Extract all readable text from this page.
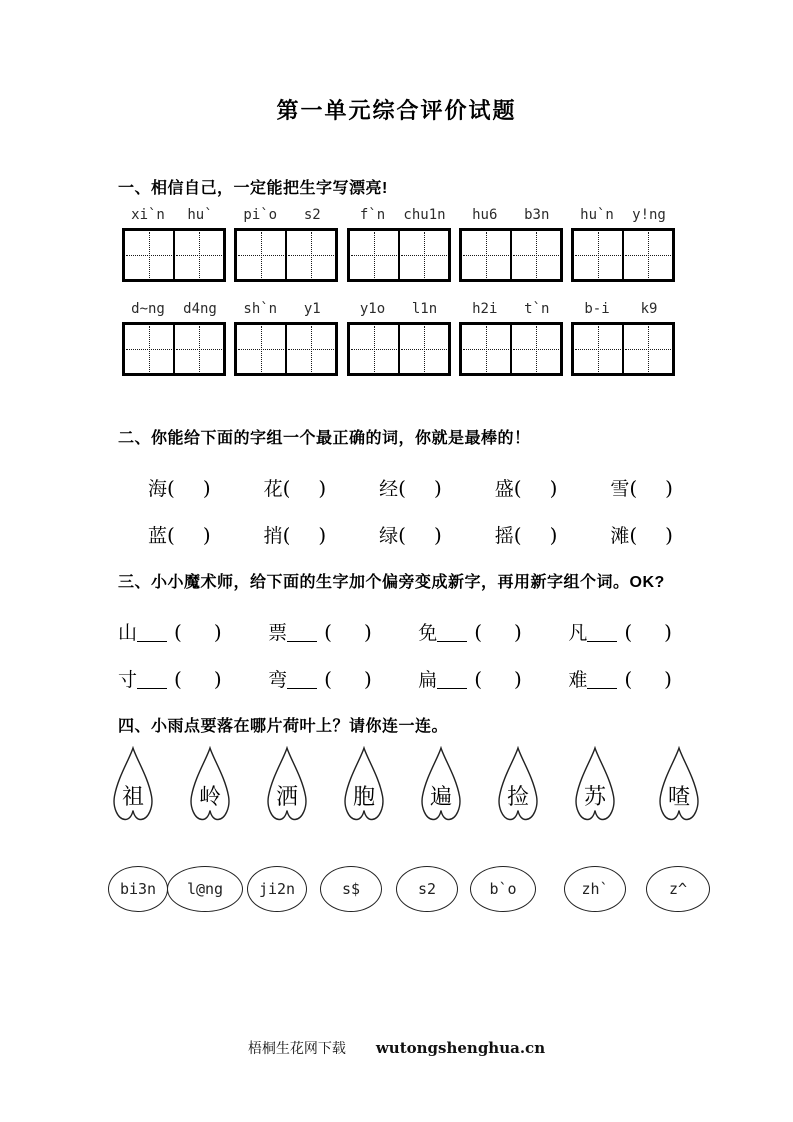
第一单元综合评价试题
一、相信自己，一定能把生字写漂亮!
xi`n	hu`	pi`o	s2	f`n	chu1n	hu6	b3n	hu`n	y!ng
d~ng	d4ng	sh`n	y1	y1o	l1n	h2i	t`n	b-i	k9
二、你能给下面的字组一个最正确的词，你就是最棒的！
海 ( )	花 ( )	经 ( )	盛 ( )	雪 ( )
蓝 ( )	捎 ( )	绿 ( )	摇 ( )	滩 ( )
三、小小魔术师，给下面的生字加个偏旁变成新字，再用新字组个词。OK?
山 ( ) 票 ( ) 免 ( ) 凡 ( )
寸 ( ) 弯 ( ) 扁 ( ) 难 ( )
四、小雨点要落在哪片荷叶上？请你连一连。
祖	岭	洒	胞	遍	捡	苏	喳
bi3n l@ng ji2n	s$	s2	b`o	zh`	z^
梧桐生花网下载 wutongshenghua.cn
